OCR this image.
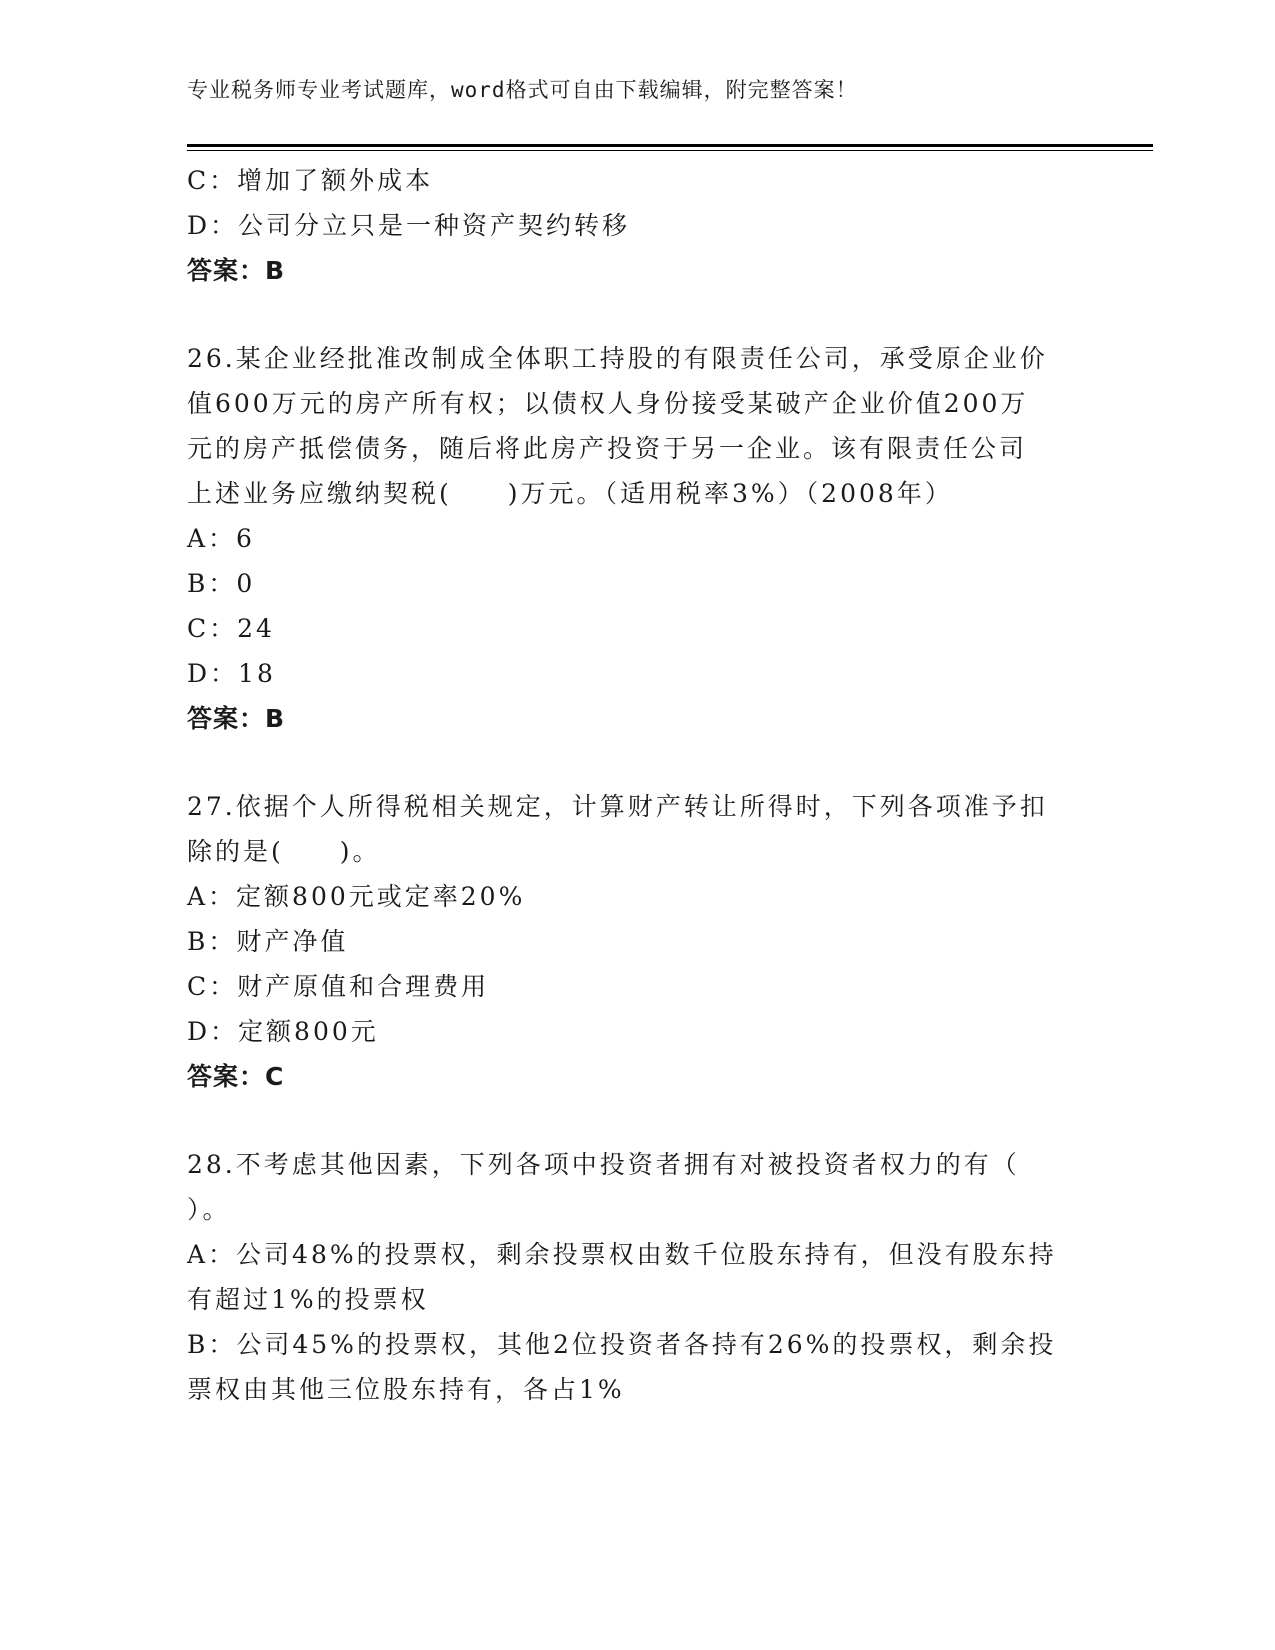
专业税务师专业考试题库，word格式可自由下载编辑，附完整答案！
C：增加了额外成本
D：公司分立只是一种资产契约转移
答案：B
26.某企业经批准改制成全体职工持股的有限责任公司，承受原企业价
值600万元的房产所有权；以债权人身份接受某破产企业价值200万
元的房产抵偿债务，随后将此房产投资于另一企业。该有限责任公司
上述业务应缴纳契税(　　)万元。（适用税率3%）（2008年）
A：6
B：0
C：24
D：18
答案：B
27.依据个人所得税相关规定，计算财产转让所得时，下列各项准予扣
除的是(　　)。
A：定额800元或定率20%
B：财产净值
C：财产原值和合理费用
D：定额800元
答案：C
28.不考虑其他因素，下列各项中投资者拥有对被投资者权力的有（
）。
A：公司48%的投票权，剩余投票权由数千位股东持有，但没有股东持
有超过1%的投票权
B：公司45%的投票权，其他2位投资者各持有26%的投票权，剩余投
票权由其他三位股东持有，各占1%
